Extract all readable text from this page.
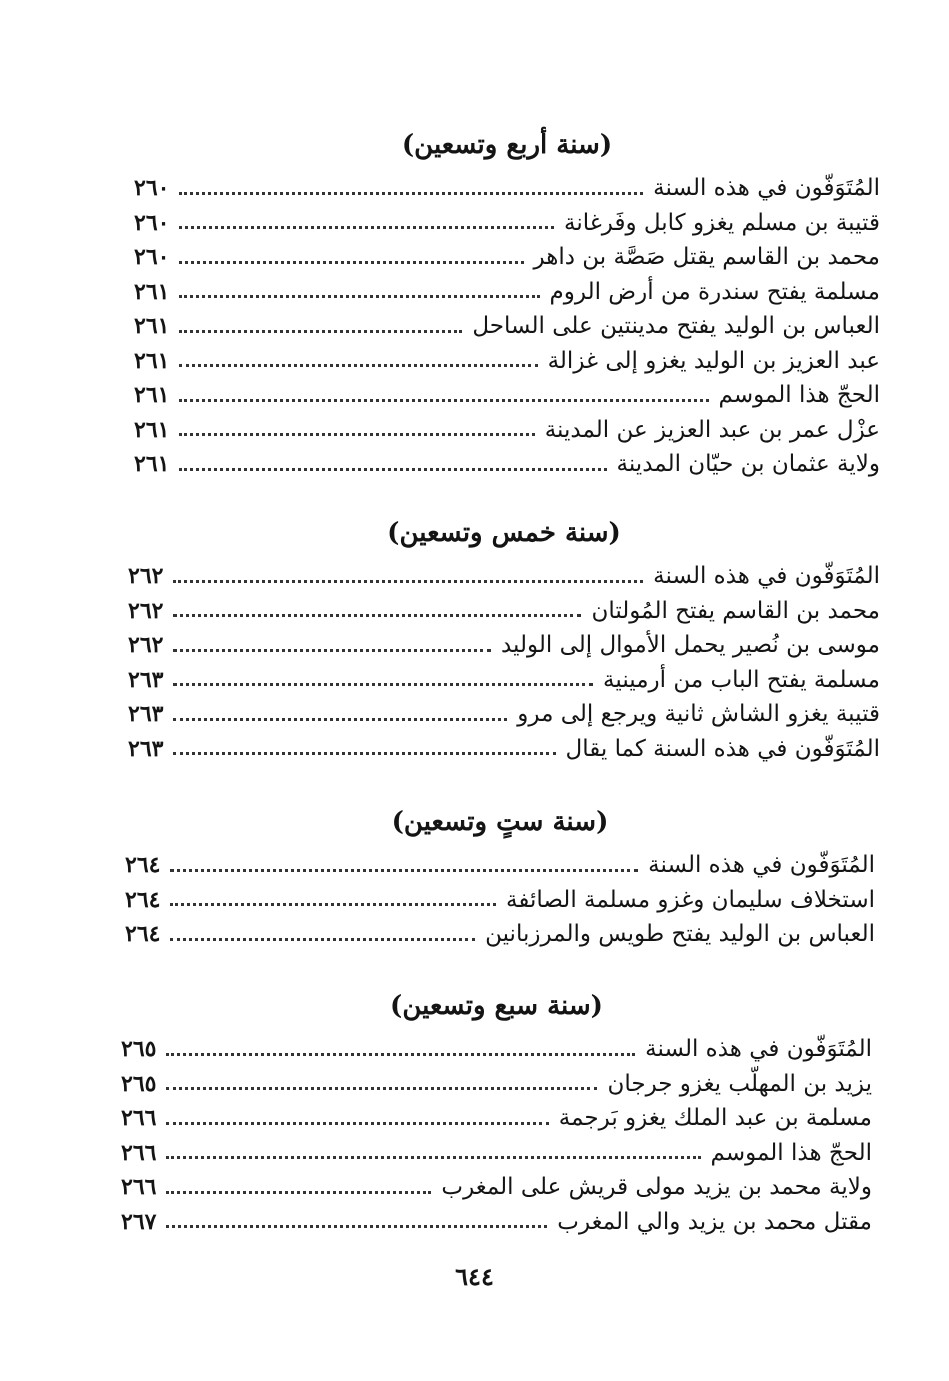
(سنة أربع وتسعين)
المُتَوَفّون في هذه السنة
٢٦٠
قتيبة بن مسلم يغزو كابل وفَرغانة
٢٦٠
محمد بن القاسم يقتل صَصَّة بن داهر
٢٦٠
مسلمة يفتح سندرة من أرض الروم
٢٦١
العباس بن الوليد يفتح مدينتين على الساحل
٢٦١
عبد العزيز بن الوليد يغزو إلى غزالة
٢٦١
الحجّ هذا الموسم
٢٦١
عزْل عمر بن عبد العزيز عن المدينة
٢٦١
ولاية عثمان بن حيّان المدينة
٢٦١
(سنة خمس وتسعين)
المُتَوَفّون في هذه السنة
٢٦٢
محمد بن القاسم يفتح المُولتان
٢٦٢
موسى بن نُصير يحمل الأموال إلى الوليد
٢٦٢
مسلمة يفتح الباب من أرمينية
٢٦٣
قتيبة يغزو الشاش ثانية ويرجع إلى مرو
٢٦٣
المُتَوَفّون في هذه السنة كما يقال
٢٦٣
(سنة ستٍ وتسعين)
المُتَوَفّون في هذه السنة
٢٦٤
استخلاف سليمان وغزو مسلمة الصائفة
٢٦٤
العباس بن الوليد يفتح طويس والمرزبانين
٢٦٤
(سنة سبع وتسعين)
المُتَوَفّون في هذه السنة
٢٦٥
يزيد بن المهلّب يغزو جرجان
٢٦٥
مسلمة بن عبد الملك يغزو بَرجمة
٢٦٦
الحجّ هذا الموسم
٢٦٦
ولاية محمد بن يزيد مولى قريش على المغرب
٢٦٦
مقتل محمد بن يزيد والي المغرب
٢٦٧
٦٤٤
